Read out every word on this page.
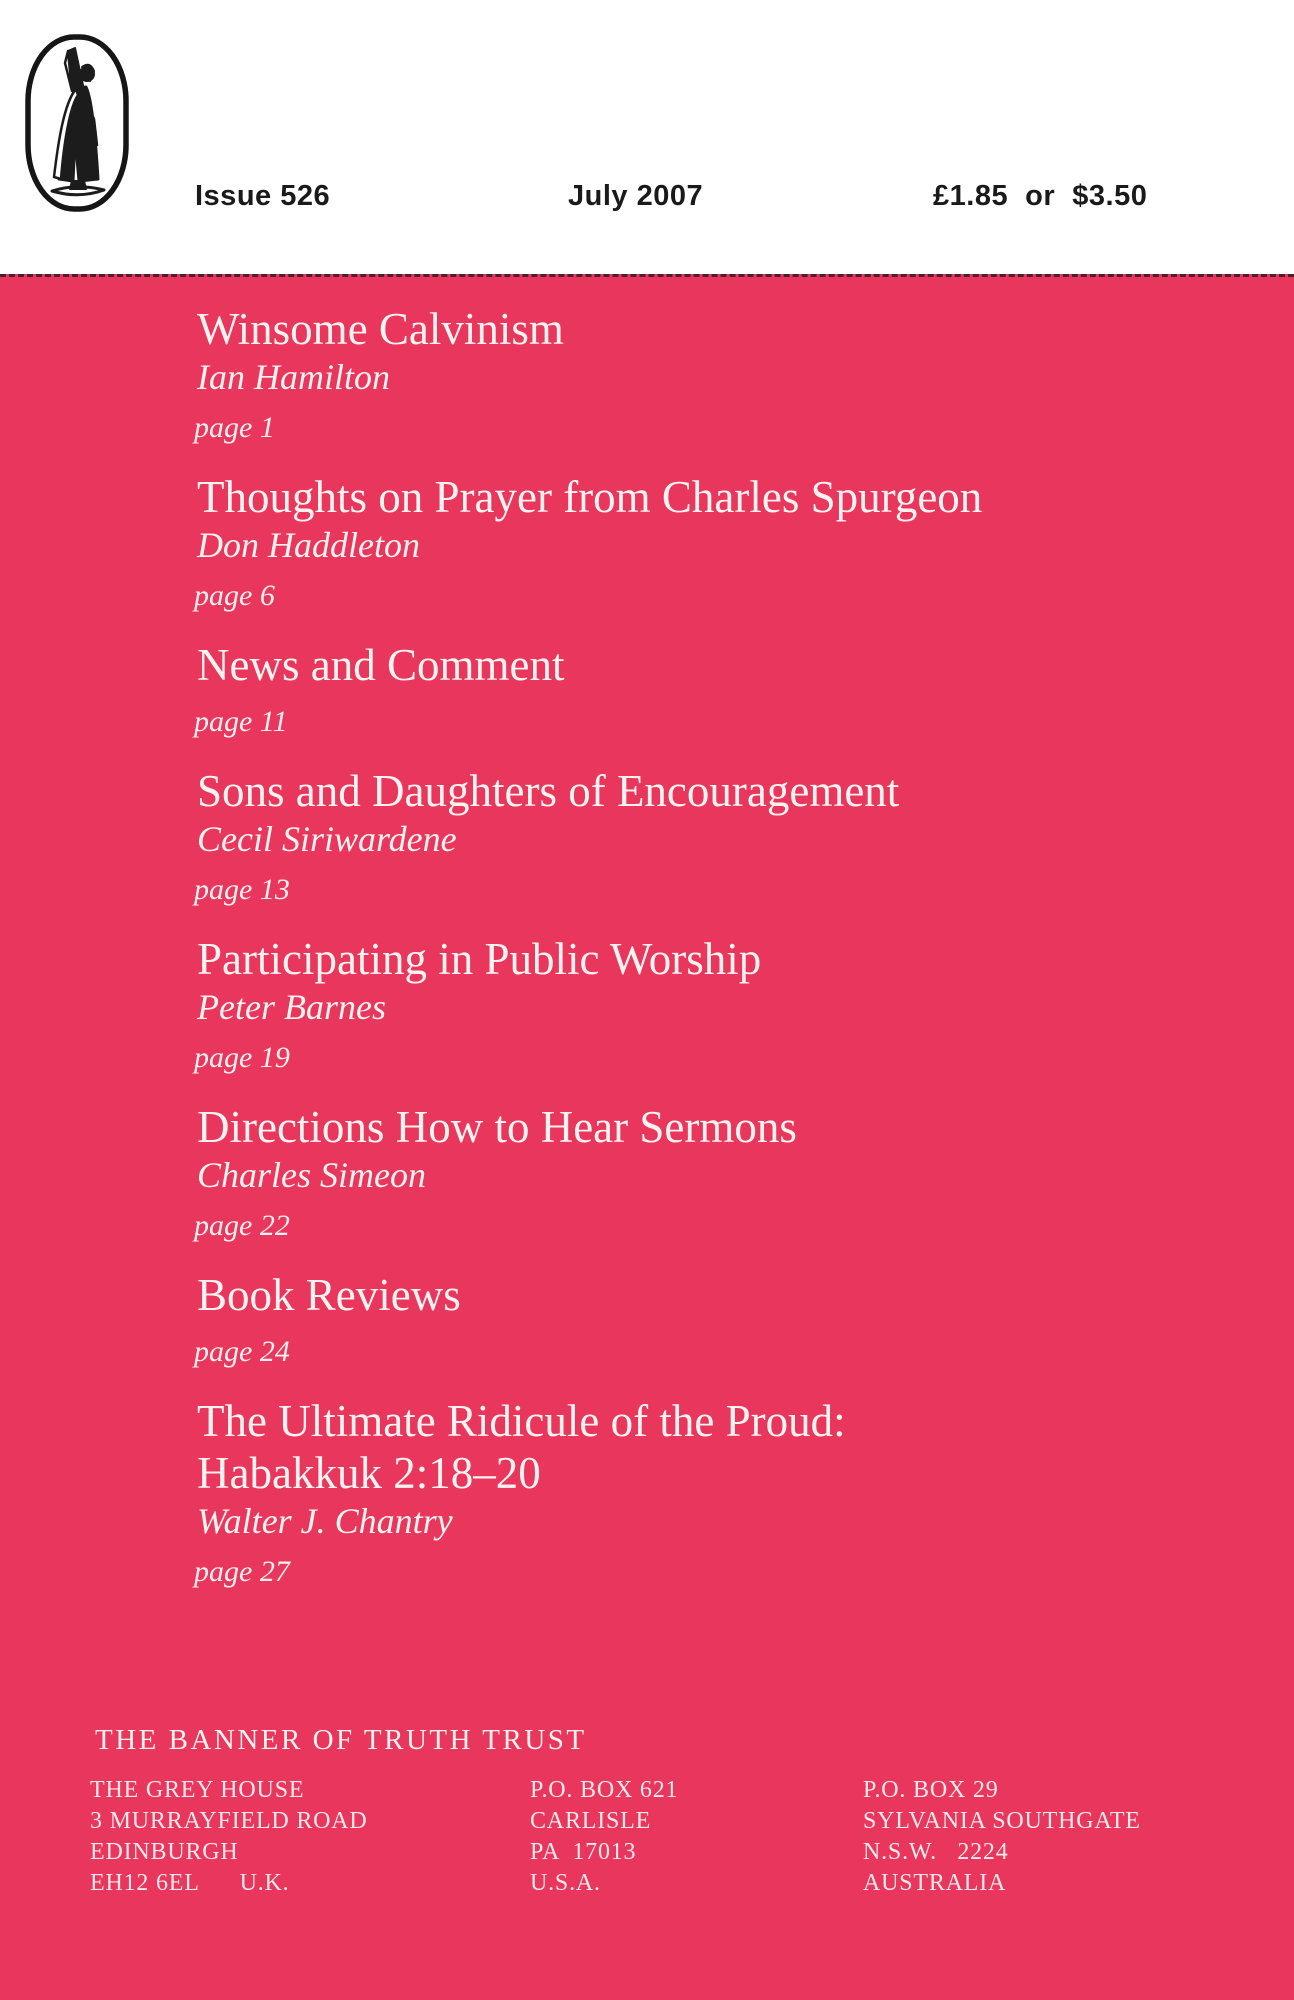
Issue 526	July 2007	£1.85  or  $3.50
Winsome Calvinism
Ian Hamilton
page 1
Thoughts on Prayer from Charles Spurgeon
Don Haddleton
page 6
News and Comment
page 11
Sons and Daughters of Encouragement
Cecil Siriwardene
page 13
Participating in Public Worship
Peter Barnes
page 19
Directions How to Hear Sermons
Charles Simeon
page 22
Book Reviews
page 24
The Ultimate Ridicule of the Proud:
Habakkuk 2:18–20
Walter J. Chantry
page 27
THE BANNER OF TRUTH TRUST
THE GREY HOUSE
3 MURRAYFIELD ROAD
EDINBURGH
EH12 6EL      U.K.
P.O. BOX 621
CARLISLE
PA  17013
U.S.A.
P.O. BOX 29
SYLVANIA SOUTHGATE
N.S.W.   2224
AUSTRALIA
